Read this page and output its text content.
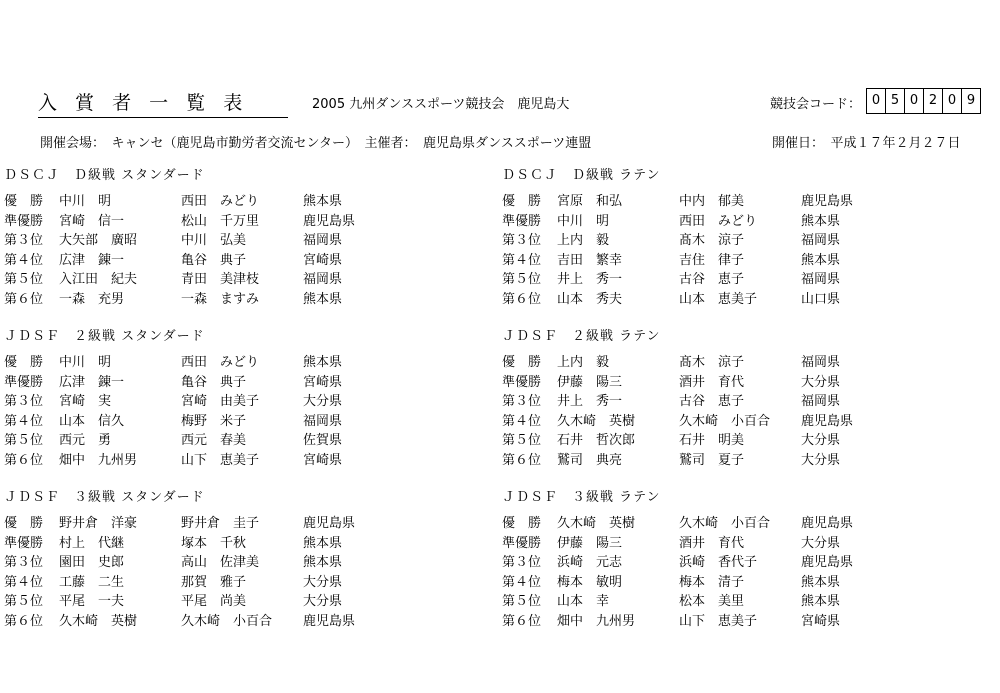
入 賞 者 一 覧 表	2005 九州ダンススポーツ競技会　鹿児島大	競技会コード： 0 5 0 2 0 9
開催会場：　キャンセ（鹿児島市勤労者交流センター）　主催者：　鹿児島県ダンススポーツ連盟	開催日：　平成１７年２月２７日
ＤＳＣＪ　Ｄ級戦 スタンダード
優　勝	中川　明	西田　みどり	熊本県
準優勝	宮崎　信一	松山　千万里	鹿児島県
第３位	大矢部　廣昭	中川　弘美	福岡県
第４位	広津　錬一	亀谷　典子	宮崎県
第５位	入江田　紀夫	青田　美津枝	福岡県
第６位	一森　充男	一森　ますみ	熊本県
ＤＳＣＪ　Ｄ級戦 ラテン
優　勝	宮原　和弘	中内　郁美	鹿児島県
準優勝	中川　明	西田　みどり	熊本県
第３位	上内　毅	髙木　涼子	福岡県
第４位	吉田　繁幸	吉住　律子	熊本県
第５位	井上　秀一	古谷　恵子	福岡県
第６位	山本　秀夫	山本　恵美子	山口県
ＪＤＳＦ　２級戦 スタンダード
優　勝	中川　明	西田　みどり	熊本県
準優勝	広津　錬一	亀谷　典子	宮崎県
第３位	宮崎　実	宮崎　由美子	大分県
第４位	山本　信久	梅野　米子	福岡県
第５位	西元　勇	西元　春美	佐賀県
第６位	畑中　九州男	山下　恵美子	宮崎県
ＪＤＳＦ　２級戦 ラテン
優　勝	上内　毅	髙木　涼子	福岡県
準優勝	伊藤　陽三	酒井　育代	大分県
第３位	井上　秀一	古谷　恵子	福岡県
第４位	久木崎　英樹	久木崎　小百合	鹿児島県
第５位	石井　哲次郎	石井　明美	大分県
第６位	鷲司　典亮	鷲司　夏子	大分県
ＪＤＳＦ　３級戦 スタンダード
優　勝	野井倉　洋豪	野井倉　圭子	鹿児島県
準優勝	村上　代継	塚本　千秋	熊本県
第３位	園田　史郎	高山　佐津美	熊本県
第４位	工藤　二生	那賀　雅子	大分県
第５位	平尾　一夫	平尾　尚美	大分県
第６位	久木崎　英樹	久木崎　小百合	鹿児島県
ＪＤＳＦ　３級戦 ラテン
優　勝	久木崎　英樹	久木崎　小百合	鹿児島県
準優勝	伊藤　陽三	酒井　育代	大分県
第３位	浜崎　元志	浜崎　香代子	鹿児島県
第４位	梅本　敏明	梅本　清子	熊本県
第５位	山本　幸	松本　美里	熊本県
第６位	畑中　九州男	山下　恵美子	宮崎県
